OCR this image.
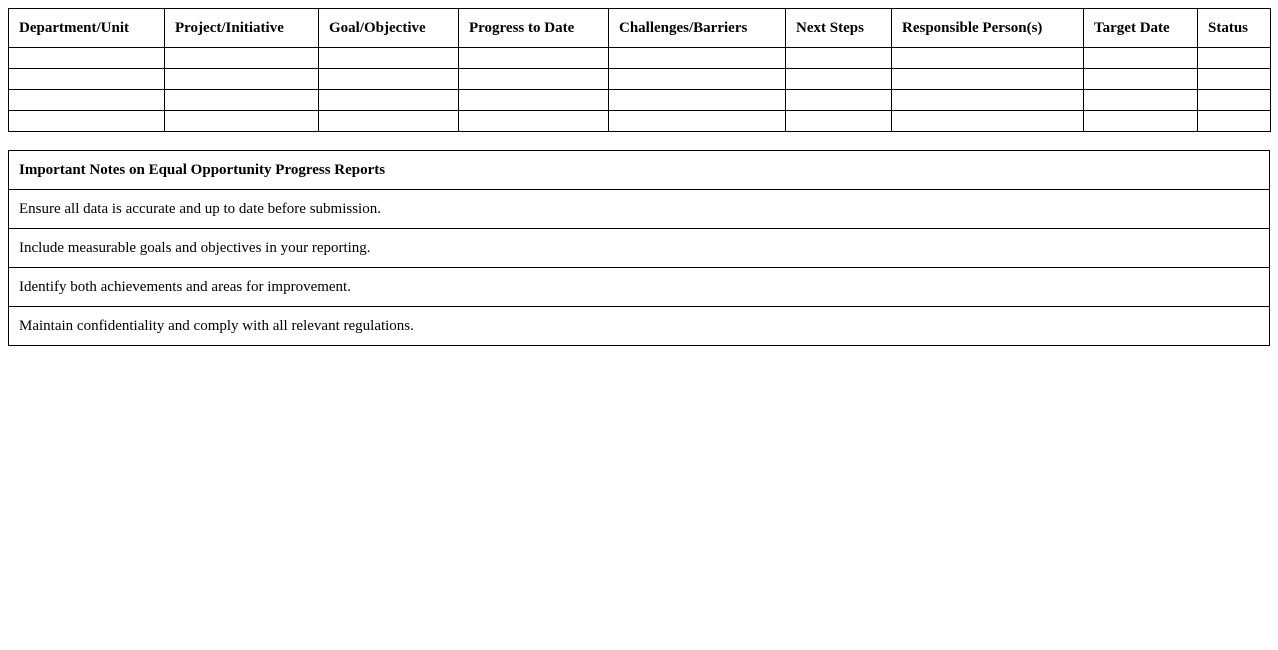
Department/Unit	Project/Initiative	Goal/Objective	Progress to Date	Challenges/Barriers	Next Steps	Responsible Person(s)	Target Date	Status

Important Notes on Equal Opportunity Progress Reports
Ensure all data is accurate and up to date before submission.
Include measurable goals and objectives in your reporting.
Identify both achievements and areas for improvement.
Maintain confidentiality and comply with all relevant regulations.
